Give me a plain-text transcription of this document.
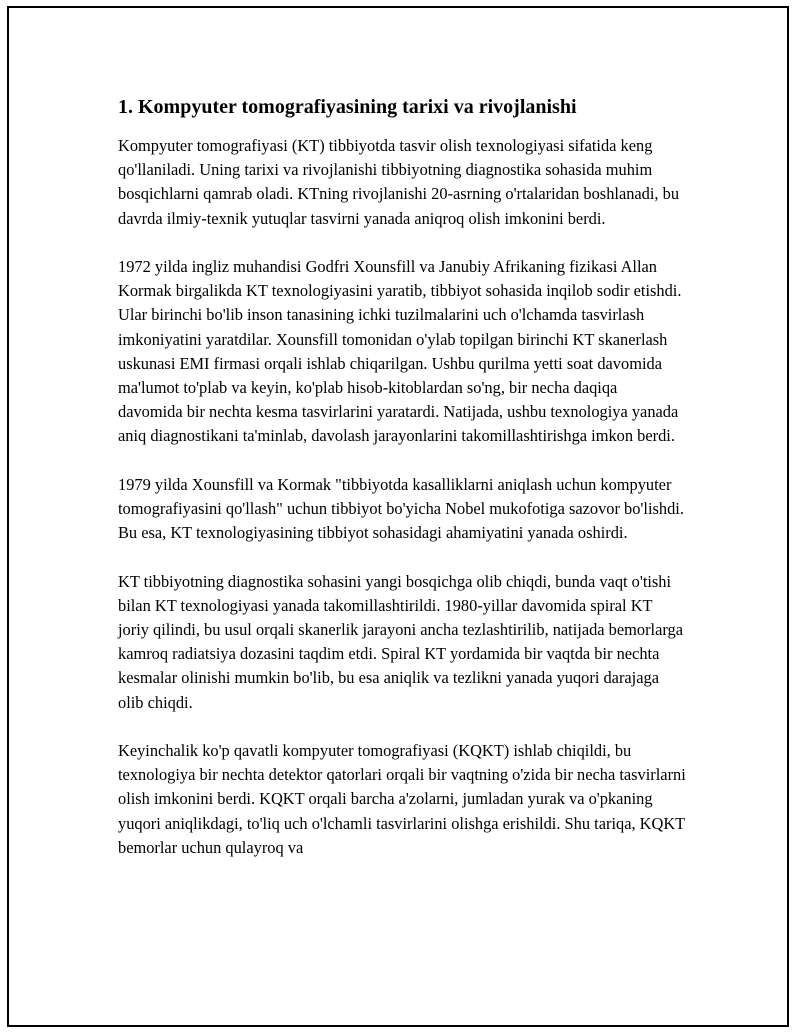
1. Kompyuter tomografiyasining tarixi va rivojlanishi

Kompyuter tomografiyasi (KT) tibbiyotda tasvir olish texnologiyasi sifatida keng qo'llaniladi. Uning tarixi va rivojlanishi tibbiyotning diagnostika sohasida muhim bosqichlarni qamrab oladi. KTning rivojlanishi 20-asrning o'rtalaridan boshlanadi, bu davrda ilmiy-texnik yutuqlar tasvirni yanada aniqroq olish imkonini berdi.

1972 yilda ingliz muhandisi Godfri Xounsfill va Janubiy Afrikaning fizikasi Allan Kormak birgalikda KT texnologiyasini yaratib, tibbiyot sohasida inqilob sodir etishdi. Ular birinchi bo'lib inson tanasining ichki tuzilmalarini uch o'lchamda tasvirlash imkoniyatini yaratdilar. Xounsfill tomonidan o'ylab topilgan birinchi KT skanerlash uskunasi EMI firmasi orqali ishlab chiqarilgan. Ushbu qurilma yetti soat davomida ma'lumot to'plab va keyin, ko'plab hisob-kitoblardan so'ng, bir necha daqiqa davomida bir nechta kesma tasvirlarini yaratardi. Natijada, ushbu texnologiya yanada aniq diagnostikani ta'minlab, davolash jarayonlarini takomillashtirishga imkon berdi.

1979 yilda Xounsfill va Kormak "tibbiyotda kasalliklarni aniqlash uchun kompyuter tomografiyasini qo'llash" uchun tibbiyot bo'yicha Nobel mukofotiga sazovor bo'lishdi. Bu esa, KT texnologiyasining tibbiyot sohasidagi ahamiyatini yanada oshirdi.

KT tibbiyotning diagnostika sohasini yangi bosqichga olib chiqdi, bunda vaqt o'tishi bilan KT texnologiyasi yanada takomillashtirildi. 1980-yillar davomida spiral KT joriy qilindi, bu usul orqali skanerlik jarayoni ancha tezlashtirilib, natijada bemorlarga kamroq radiatsiya dozasini taqdim etdi. Spiral KT yordamida bir vaqtda bir nechta kesmalar olinishi mumkin bo'lib, bu esa aniqlik va tezlikni yanada yuqori darajaga olib chiqdi.

Keyinchalik ko'p qavatli kompyuter tomografiyasi (KQKT) ishlab chiqildi, bu texnologiya bir nechta detektor qatorlari orqali bir vaqtning o'zida bir necha tasvirlarni olish imkonini berdi. KQKT orqali barcha a'zolarni, jumladan yurak va o'pkaning yuqori aniqlikdagi, to'liq uch o'lchamli tasvirlarini olishga erishildi. Shu tariqa, KQKT bemorlar uchun qulayroq va
